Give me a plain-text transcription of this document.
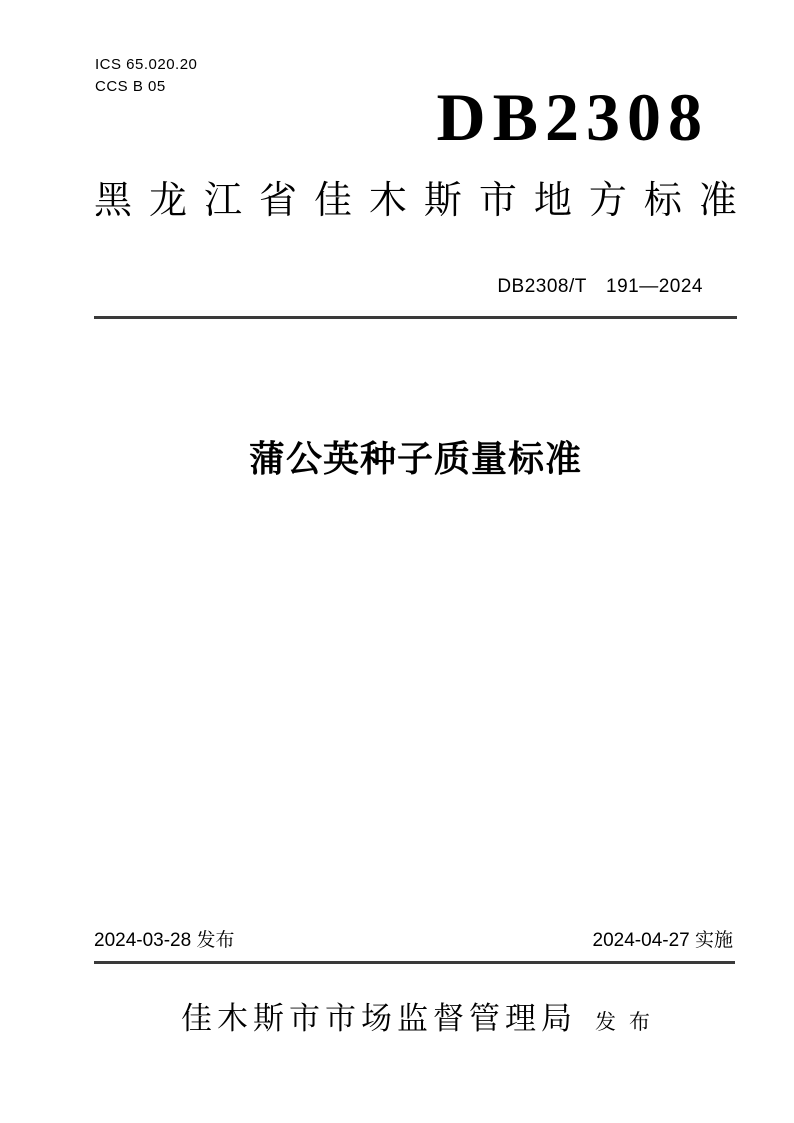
ICS 65.020.20
CCS B 05	DB2308
黑 龙 江 省 佳 木 斯 市 地 方 标 准
DB2308/T　191—2024
蒲公英种子质量标准
2024-03-28 发布	2024-04-27 实施
佳木斯市市场监督管理局 发布
